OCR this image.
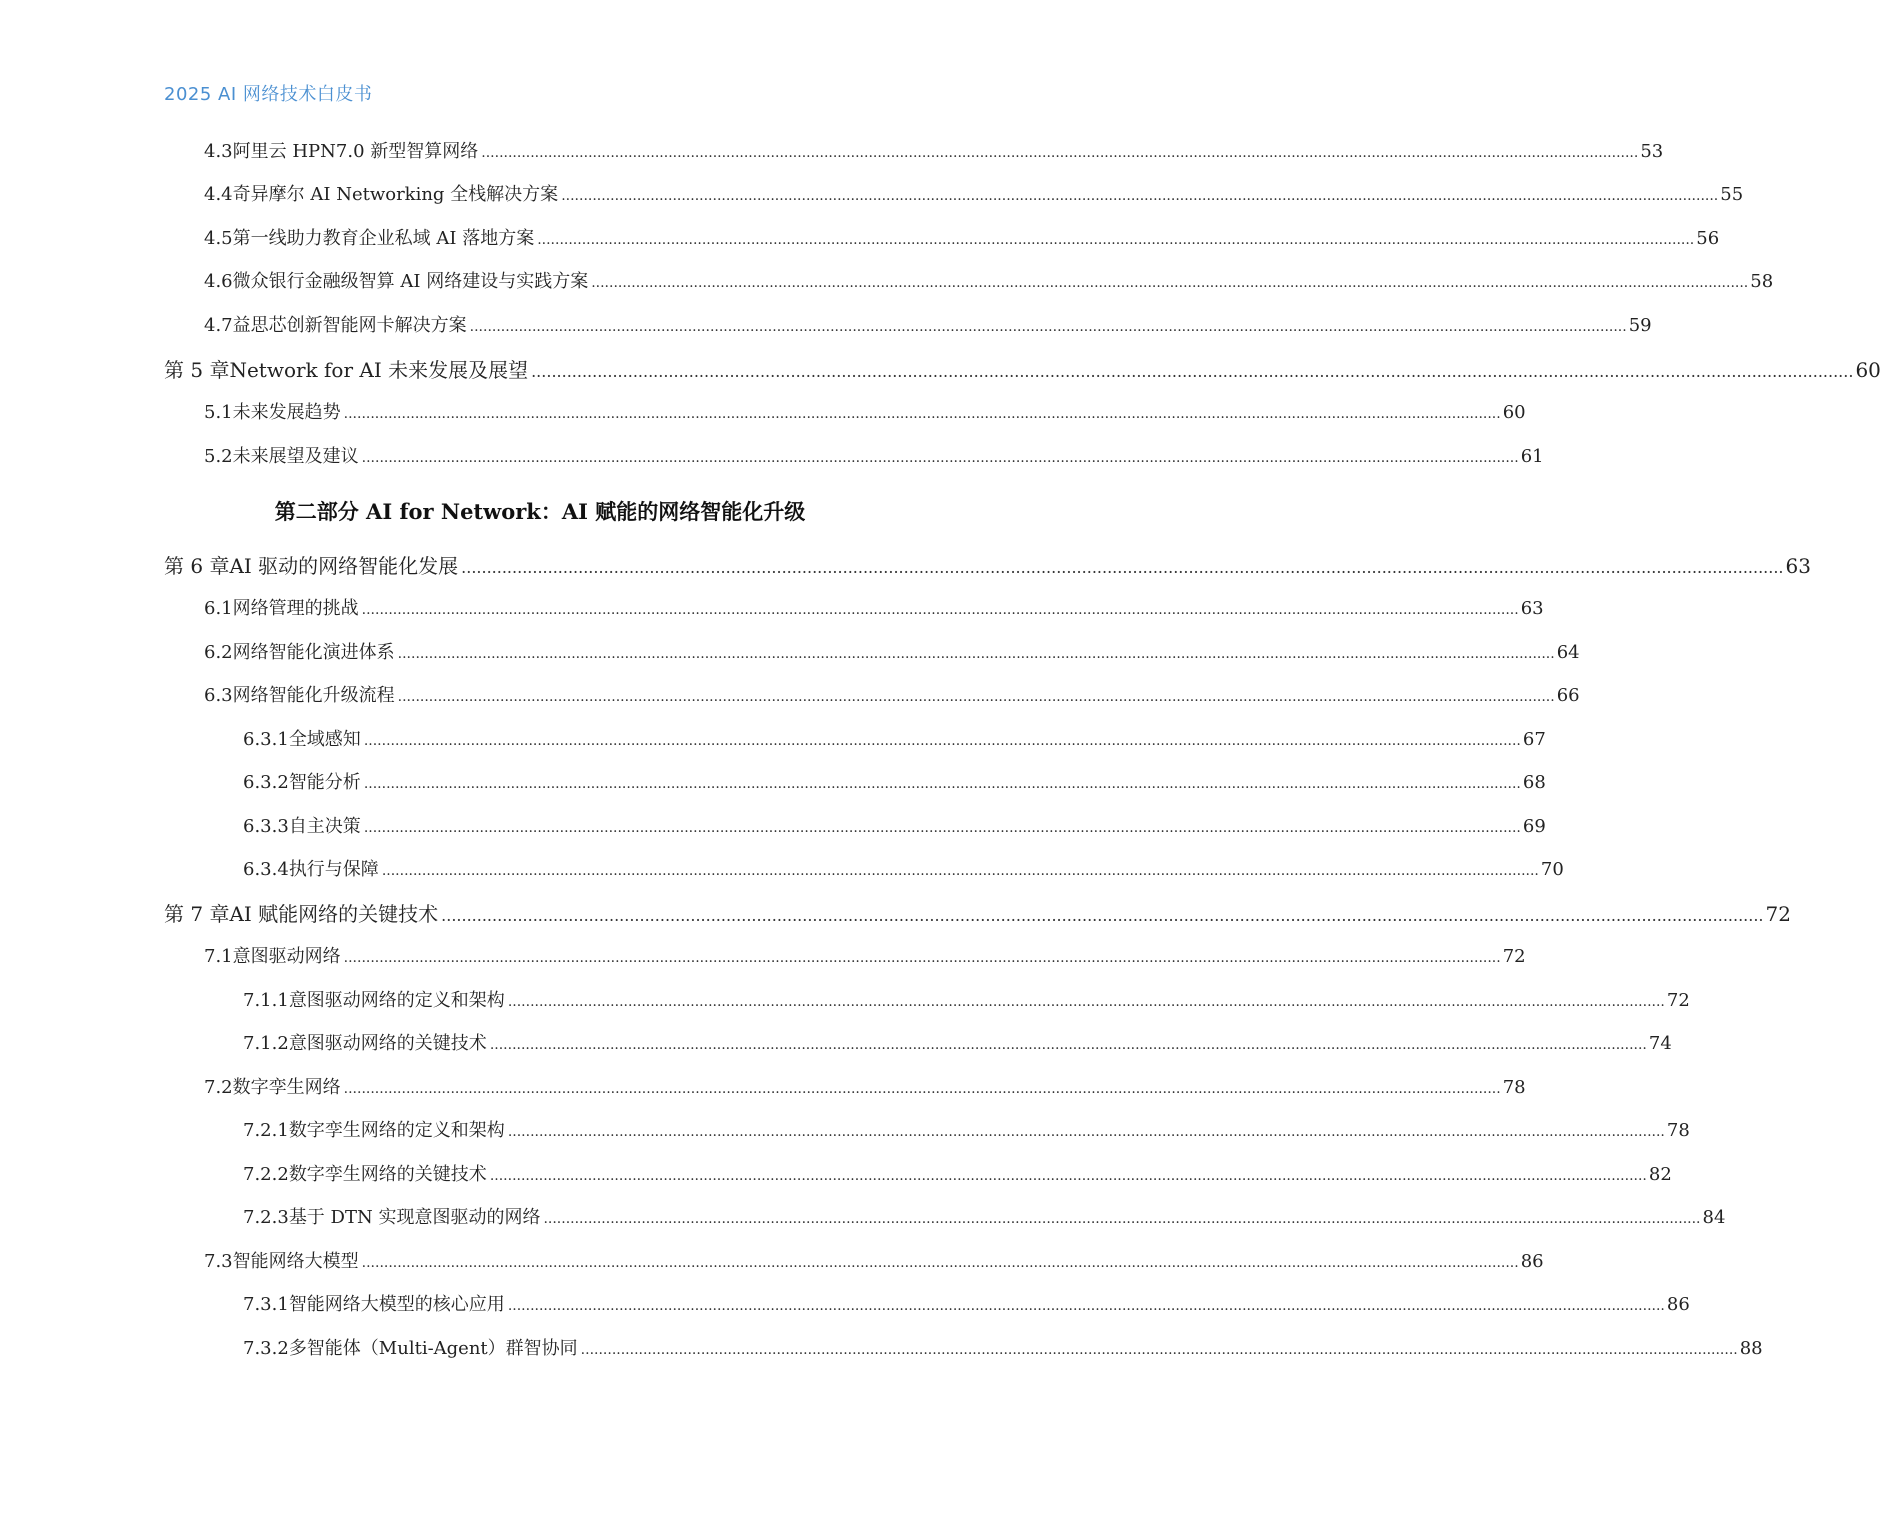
2025 AI 网络技术白皮书
第二部分 AI for Network：AI 赋能的网络智能化升级
4.3 阿里云 HPN7.0 新型智算网络 .................................................................................................................................................................................................................................................................... 53
4.4 奇异摩尔 AI Networking 全栈解决方案 .................................................................................................................................................................................................................................................................... 55
4.5 第一线助力教育企业私域 AI 落地方案 .................................................................................................................................................................................................................................................................... 56
4.6 微众银行金融级智算 AI 网络建设与实践方案 .................................................................................................................................................................................................................................................................... 58
4.7 益思芯创新智能网卡解决方案 .................................................................................................................................................................................................................................................................... 59
第 5 章 Network for AI 未来发展及展望 .................................................................................................................................................................................................................................................................... 60
5.1 未来发展趋势 .................................................................................................................................................................................................................................................................... 60
5.2 未来展望及建议 .................................................................................................................................................................................................................................................................... 61
第 6 章 AI 驱动的网络智能化发展 .................................................................................................................................................................................................................................................................... 63
6.1 网络管理的挑战 .................................................................................................................................................................................................................................................................... 63
6.2 网络智能化演进体系 .................................................................................................................................................................................................................................................................... 64
6.3 网络智能化升级流程 .................................................................................................................................................................................................................................................................... 66
6.3.1 全域感知 .................................................................................................................................................................................................................................................................... 67
6.3.2 智能分析 .................................................................................................................................................................................................................................................................... 68
6.3.3 自主决策 .................................................................................................................................................................................................................................................................... 69
6.3.4 执行与保障 .................................................................................................................................................................................................................................................................... 70
第 7 章 AI 赋能网络的关键技术 .................................................................................................................................................................................................................................................................... 72
7.1 意图驱动网络 .................................................................................................................................................................................................................................................................... 72
7.1.1 意图驱动网络的定义和架构 .................................................................................................................................................................................................................................................................... 72
7.1.2 意图驱动网络的关键技术 .................................................................................................................................................................................................................................................................... 74
7.2 数字孪生网络 .................................................................................................................................................................................................................................................................... 78
7.2.1 数字孪生网络的定义和架构 .................................................................................................................................................................................................................................................................... 78
7.2.2 数字孪生网络的关键技术 .................................................................................................................................................................................................................................................................... 82
7.2.3 基于 DTN 实现意图驱动的网络 .................................................................................................................................................................................................................................................................... 84
7.3 智能网络大模型 .................................................................................................................................................................................................................................................................... 86
7.3.1 智能网络大模型的核心应用 .................................................................................................................................................................................................................................................................... 86
7.3.2 多智能体（Multi-Agent）群智协同 .................................................................................................................................................................................................................................................................... 88
